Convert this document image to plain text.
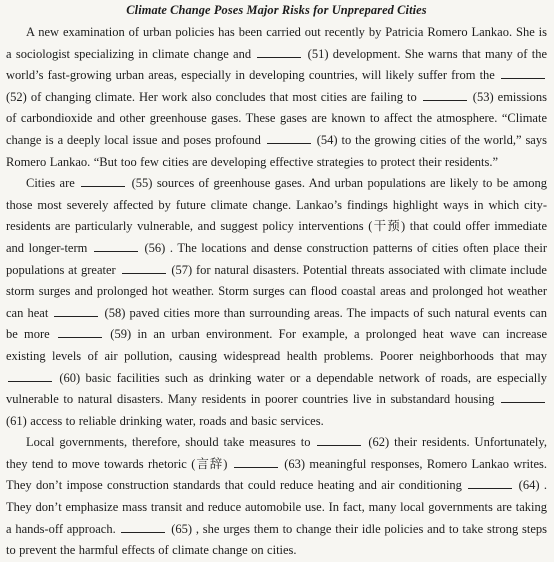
Climate Change Poses Major Risks for Unprepared Cities

A new examination of urban policies has been carried out recently by Patricia Romero Lankao. She is a sociologist specializing in climate change and	(51) development. She warns that many of the world’s fast-growing urban areas, especially in developing countries, will likely suffer from the  (52) of changing climate. Her work also concludes that most cities are failing to	(53) emissions of carbondioxide and other greenhouse gases. These gases are known to affect the atmosphere. “Climate change is a deeply local issue and poses profound	(54) to the growing cities of the world,” says Romero Lankao. “But too few cities are developing effective strategies to protect their residents.”

Cities are	(55) sources of greenhouse gases. And urban populations are likely to be among those most severely affected by future climate change. Lankao’s findings highlight ways in which city-residents are particularly vulnerable, and suggest policy interventions (干预) that could offer immediate and longer-term	(56) . The locations and dense construction patterns of cities often place their populations at greater	(57) for natural disasters. Potential threats associated with climate include storm surges and prolonged hot weather. Storm surges can flood coastal areas and prolonged hot weather can heat	(58) paved cities more than surrounding areas. The impacts of such natural events can be more	(59) in an urban environment. For example, a prolonged heat wave can increase existing levels of air pollution, causing widespread health problems. Poorer neighborhoods that may  (60) basic facilities such as drinking water or a dependable network of roads, are especially vulnerable to natural disasters. Many residents in poorer countries live in substandard housing  (61) access to reliable drinking water, roads and basic services.

Local governments, therefore, should take measures to	(62) their residents. Unfortunately, they tend to move towards rhetoric (言辞)	(63) meaningful responses, Romero Lankao writes. They don’t impose construction standards that could reduce heating and air conditioning	(64) . They don’t emphasize mass transit and reduce automobile use. In fact, many local governments are taking a hands-off approach.	(65) , she urges them to change their idle policies and to take strong steps to prevent the harmful effects of climate change on cities.
